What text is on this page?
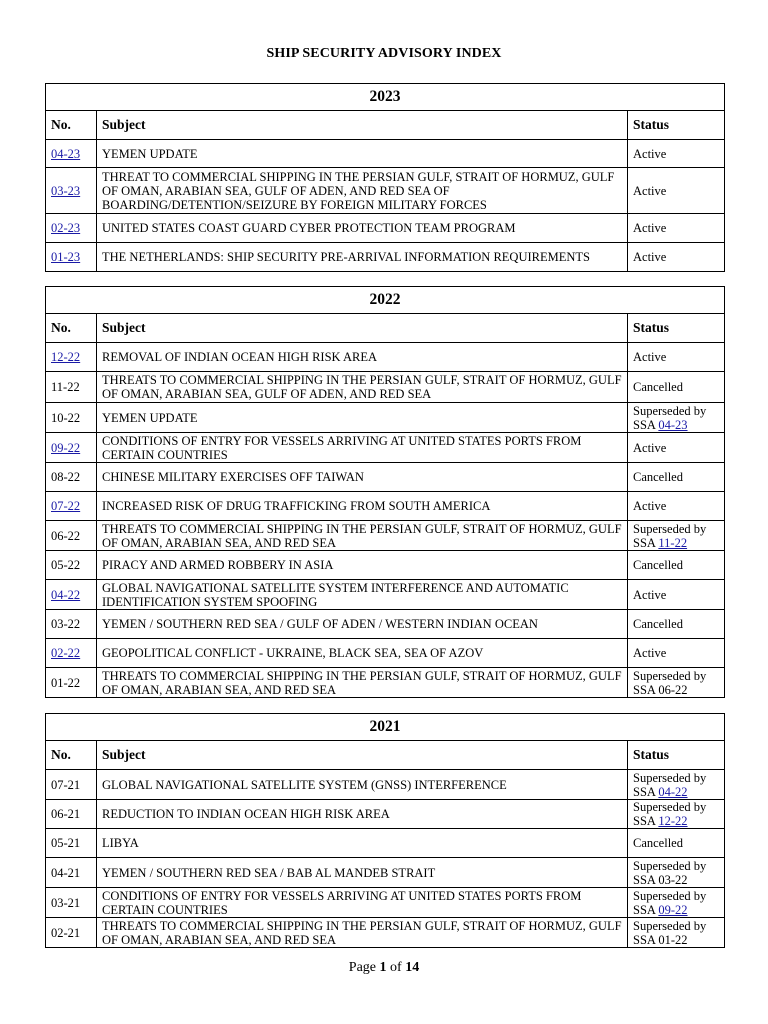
SHIP SECURITY ADVISORY INDEX
2023		
No.	Subject	Status
04-23	YEMEN UPDATE	Active

03-23	THREAT TO COMMERCIAL SHIPPING IN THE PERSIAN GULF, STRAIT OF HORMUZ, GULF OF OMAN, ARABIAN SEA, GULF OF ADEN, AND RED SEA OF BOARDING/DETENTION/SEIZURE BY FOREIGN MILITARY FORCES	Active

02-23	UNITED STATES COAST GUARD CYBER PROTECTION TEAM PROGRAM	Active

01-23	THE NETHERLANDS: SHIP SECURITY PRE-ARRIVAL INFORMATION REQUIREMENTS	Active
2022		
No.	Subject	Status
12-22	REMOVAL OF INDIAN OCEAN HIGH RISK AREA	Active

11-22	THREATS TO COMMERCIAL SHIPPING IN THE PERSIAN GULF, STRAIT OF HORMUZ, GULF OF OMAN, ARABIAN SEA, GULF OF ADEN, AND RED SEA	Cancelled

10-22	YEMEN UPDATE	Superseded by
SSA 04-23

09-22	CONDITIONS OF ENTRY FOR VESSELS ARRIVING AT UNITED STATES PORTS FROM CERTAIN COUNTRIES	Active

08-22	CHINESE MILITARY EXERCISES OFF TAIWAN	Cancelled

07-22	INCREASED RISK OF DRUG TRAFFICKING FROM SOUTH AMERICA	Active

06-22	THREATS TO COMMERCIAL SHIPPING IN THE PERSIAN GULF, STRAIT OF HORMUZ, GULF OF OMAN, ARABIAN SEA, AND RED SEA	Superseded by
SSA 11-22

05-22	PIRACY AND ARMED ROBBERY IN ASIA	Cancelled

04-22	GLOBAL NAVIGATIONAL SATELLITE SYSTEM INTERFERENCE AND AUTOMATIC IDENTIFICATION SYSTEM SPOOFING	Active

03-22	YEMEN / SOUTHERN RED SEA / GULF OF ADEN / WESTERN INDIAN OCEAN	Cancelled

02-22	GEOPOLITICAL CONFLICT - UKRAINE, BLACK SEA, SEA OF AZOV	Active

01-22	THREATS TO COMMERCIAL SHIPPING IN THE PERSIAN GULF, STRAIT OF HORMUZ, GULF OF OMAN, ARABIAN SEA, AND RED SEA	Superseded by
SSA 06-22
2021		
No.	Subject	Status
07-21	GLOBAL NAVIGATIONAL SATELLITE SYSTEM (GNSS) INTERFERENCE	Superseded by
SSA 04-22

06-21	REDUCTION TO INDIAN OCEAN HIGH RISK AREA	Superseded by
SSA 12-22

05-21	LIBYA	Cancelled

04-21	YEMEN / SOUTHERN RED SEA / BAB AL MANDEB STRAIT	Superseded by
SSA 03-22

03-21	CONDITIONS OF ENTRY FOR VESSELS ARRIVING AT UNITED STATES PORTS FROM CERTAIN COUNTRIES	Superseded by
SSA 09-22

02-21	THREATS TO COMMERCIAL SHIPPING IN THE PERSIAN GULF, STRAIT OF HORMUZ, GULF OF OMAN, ARABIAN SEA, AND RED SEA	Superseded by
SSA 01-22
Page 1 of 14
